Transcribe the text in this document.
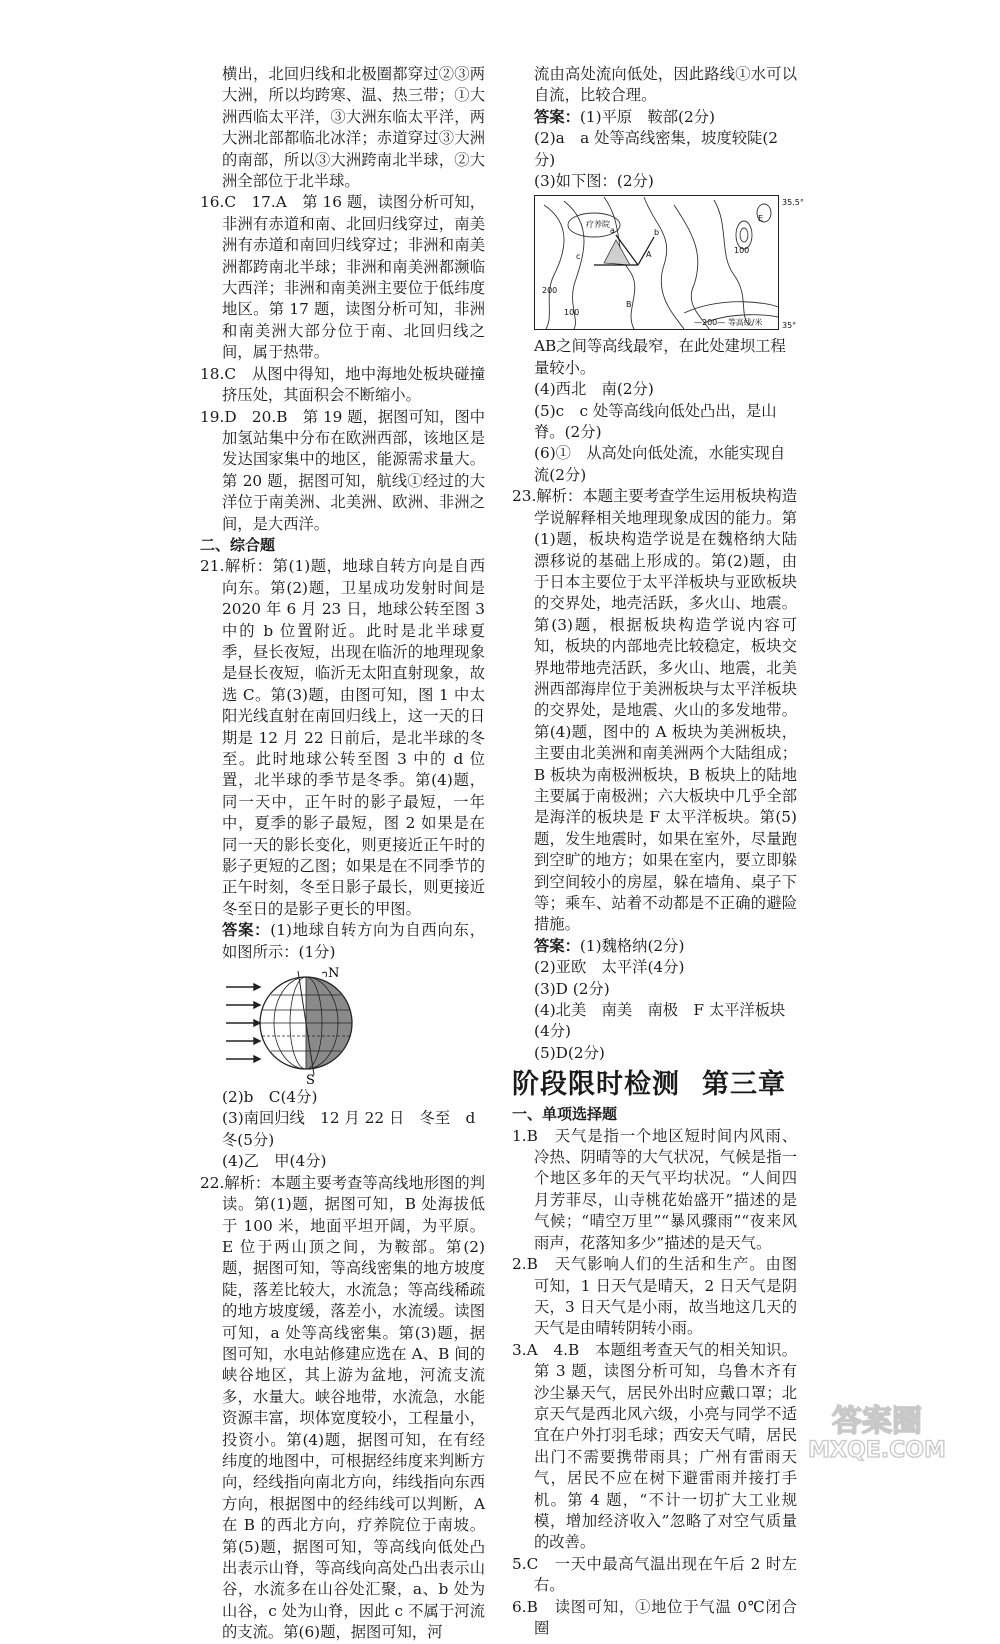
横出，北回归线和北极圈都穿过②③两大洲，所以均跨寒、温、热三带；①大洲西临太平洋，③大洲东临太平洋，两大洲北部都临北冰洋；赤道穿过③大洲的南部，所以③大洲跨南北半球，②大洲全部位于北半球。

16.C　17.A　第 16 题，读图分析可知，非洲有赤道和南、北回归线穿过，南美洲有赤道和南回归线穿过；非洲和南美洲都跨南北半球；非洲和南美洲都濒临大西洋；非洲和南美洲主要位于低纬度地区。第 17 题，读图分析可知，非洲和南美洲大部分位于南、北回归线之间，属于热带。

18.C　从图中得知，地中海地处板块碰撞挤压处，其面积会不断缩小。

19.D　20.B　第 19 题，据图可知，图中加氢站集中分布在欧洲西部，该地区是发达国家集中的地区，能源需求量大。第 20 题，据图可知，航线①经过的大洋位于南美洲、北美洲、欧洲、非洲之间，是大西洋。

二、综合题

21.解析：第(1)题，地球自转方向是自西向东。第(2)题，卫星成功发射时间是 2020 年 6 月 23 日，地球公转至图 3 中的 b 位置附近。此时是北半球夏季，昼长夜短，出现在临沂的地理现象是昼长夜短，临沂无太阳直射现象，故选 C。第(3)题，由图可知，图 1 中太阳光线直射在南回归线上，这一天的日期是 12 月 22 日前后，是北半球的冬至。此时地球公转至图 3 中的 d 位置，北半球的季节是冬季。第(4)题，同一天中，正午时的影子最短，一年中，夏季的影子最短，图 2 如果是在同一天的影长变化，则更接近正午时的影子更短的乙图；如果是在不同季节的正午时刻，冬至日影子最长，则更接近冬至日的是影子更长的甲图。

答案：(1)地球自转方向为自西向东，如图所示：(1分)

N
S

(2)b　C(4分)

(3)南回归线　12 月 22 日　冬至　d　冬(5分)

(4)乙　甲(4分)

22.解析：本题主要考查等高线地形图的判读。第(1)题，据图可知，B 处海拔低于 100 米，地面平坦开阔，为平原。E 位于两山顶之间，为鞍部。第(2)题，据图可知，等高线密集的地方坡度陡，落差比较大，水流急；等高线稀疏的地方坡度缓，落差小，水流缓。读图可知，a 处等高线密集。第(3)题，据图可知，水电站修建应选在 A、B 间的峡谷地区，其上游为盆地，河流支流多，水量大。峡谷地带，水流急，水能资源丰富，坝体宽度较小，工程量小，投资小。第(4)题，据图可知，在有经纬度的地图中，可根据经纬度来判断方向，经线指向南北方向，纬线指向东西方向，根据图中的经纬线可以判断，A 在 B 的西北方向，疗养院位于南坡。第(5)题，据图可知，等高线向低处凸出表示山脊，等高线向高处凸出表示山谷，水流多在山谷处汇聚，a、b 处为山谷，c 处为山脊，因此 c 不属于河流的支流。第(6)题，据图可知，河

流由高处流向低处，因此路线①水可以自流，比较合理。

答案：(1)平原　鞍部(2分)

(2)a　a 处等高线密集，坡度较陡(2 分)

(3)如下图：(2分)

35.5°
35°
—200— 等高线/米
疗养院
A
B
E
a	b
c
100
100
200

AB之间等高线最窄，在此处建坝工程量较小。

(4)西北　南(2分)

(5)c　c 处等高线向低处凸出，是山脊。(2分)

(6)①　从高处向低处流，水能实现自流(2分)

23.解析：本题主要考查学生运用板块构造学说解释相关地理现象成因的能力。第(1)题，板块构造学说是在魏格纳大陆漂移说的基础上形成的。第(2)题，由于日本主要位于太平洋板块与亚欧板块的交界处，地壳活跃，多火山、地震。第(3)题，根据板块构造学说内容可知，板块的内部地壳比较稳定，板块交界地带地壳活跃，多火山、地震，北美洲西部海岸位于美洲板块与太平洋板块的交界处，是地震、火山的多发地带。第(4)题，图中的 A 板块为美洲板块，主要由北美洲和南美洲两个大陆组成；B 板块为南极洲板块，B 板块上的陆地主要属于南极洲；六大板块中几乎全部是海洋的板块是 F 太平洋板块。第(5)题，发生地震时，如果在室外，尽量跑到空旷的地方；如果在室内，要立即躲到空间较小的房屋，躲在墙角、桌子下等；乘车、站着不动都是不正确的避险措施。

答案：(1)魏格纳(2分)

(2)亚欧　太平洋(4分)

(3)D (2分)

(4)北美　南美　南极　F 太平洋板块(4分)

(5)D(2分)

阶段限时检测 第三章

一、单项选择题

1.B　天气是指一个地区短时间内风雨、冷热、阴晴等的大气状况，气候是指一个地区多年的天气平均状况。“人间四月芳菲尽，山寺桃花始盛开”描述的是气候；“晴空万里”“暴风骤雨”“夜来风雨声，花落知多少”描述的是天气。

2.B　天气影响人们的生活和生产。由图可知，1 日天气是晴天，2 日天气是阴天，3 日天气是小雨，故当地这几天的天气是由晴转阴转小雨。

3.A　4.B　本题组考查天气的相关知识。第 3 题，读图分析可知，乌鲁木齐有沙尘暴天气，居民外出时应戴口罩；北京天气是西北风六级，小亮与同学不适宜在户外打羽毛球；西安天气晴，居民出门不需要携带雨具；广州有雷雨天气，居民不应在树下避雷雨并接打手机。第 4 题，“不计一切扩大工业规模，增加经济收入”忽略了对空气质量的改善。

5.C　一天中最高气温出现在午后 2 时左右。

6.B　读图可知，①地位于气温 0℃闭合圈

答案圈
MXQE.COM
